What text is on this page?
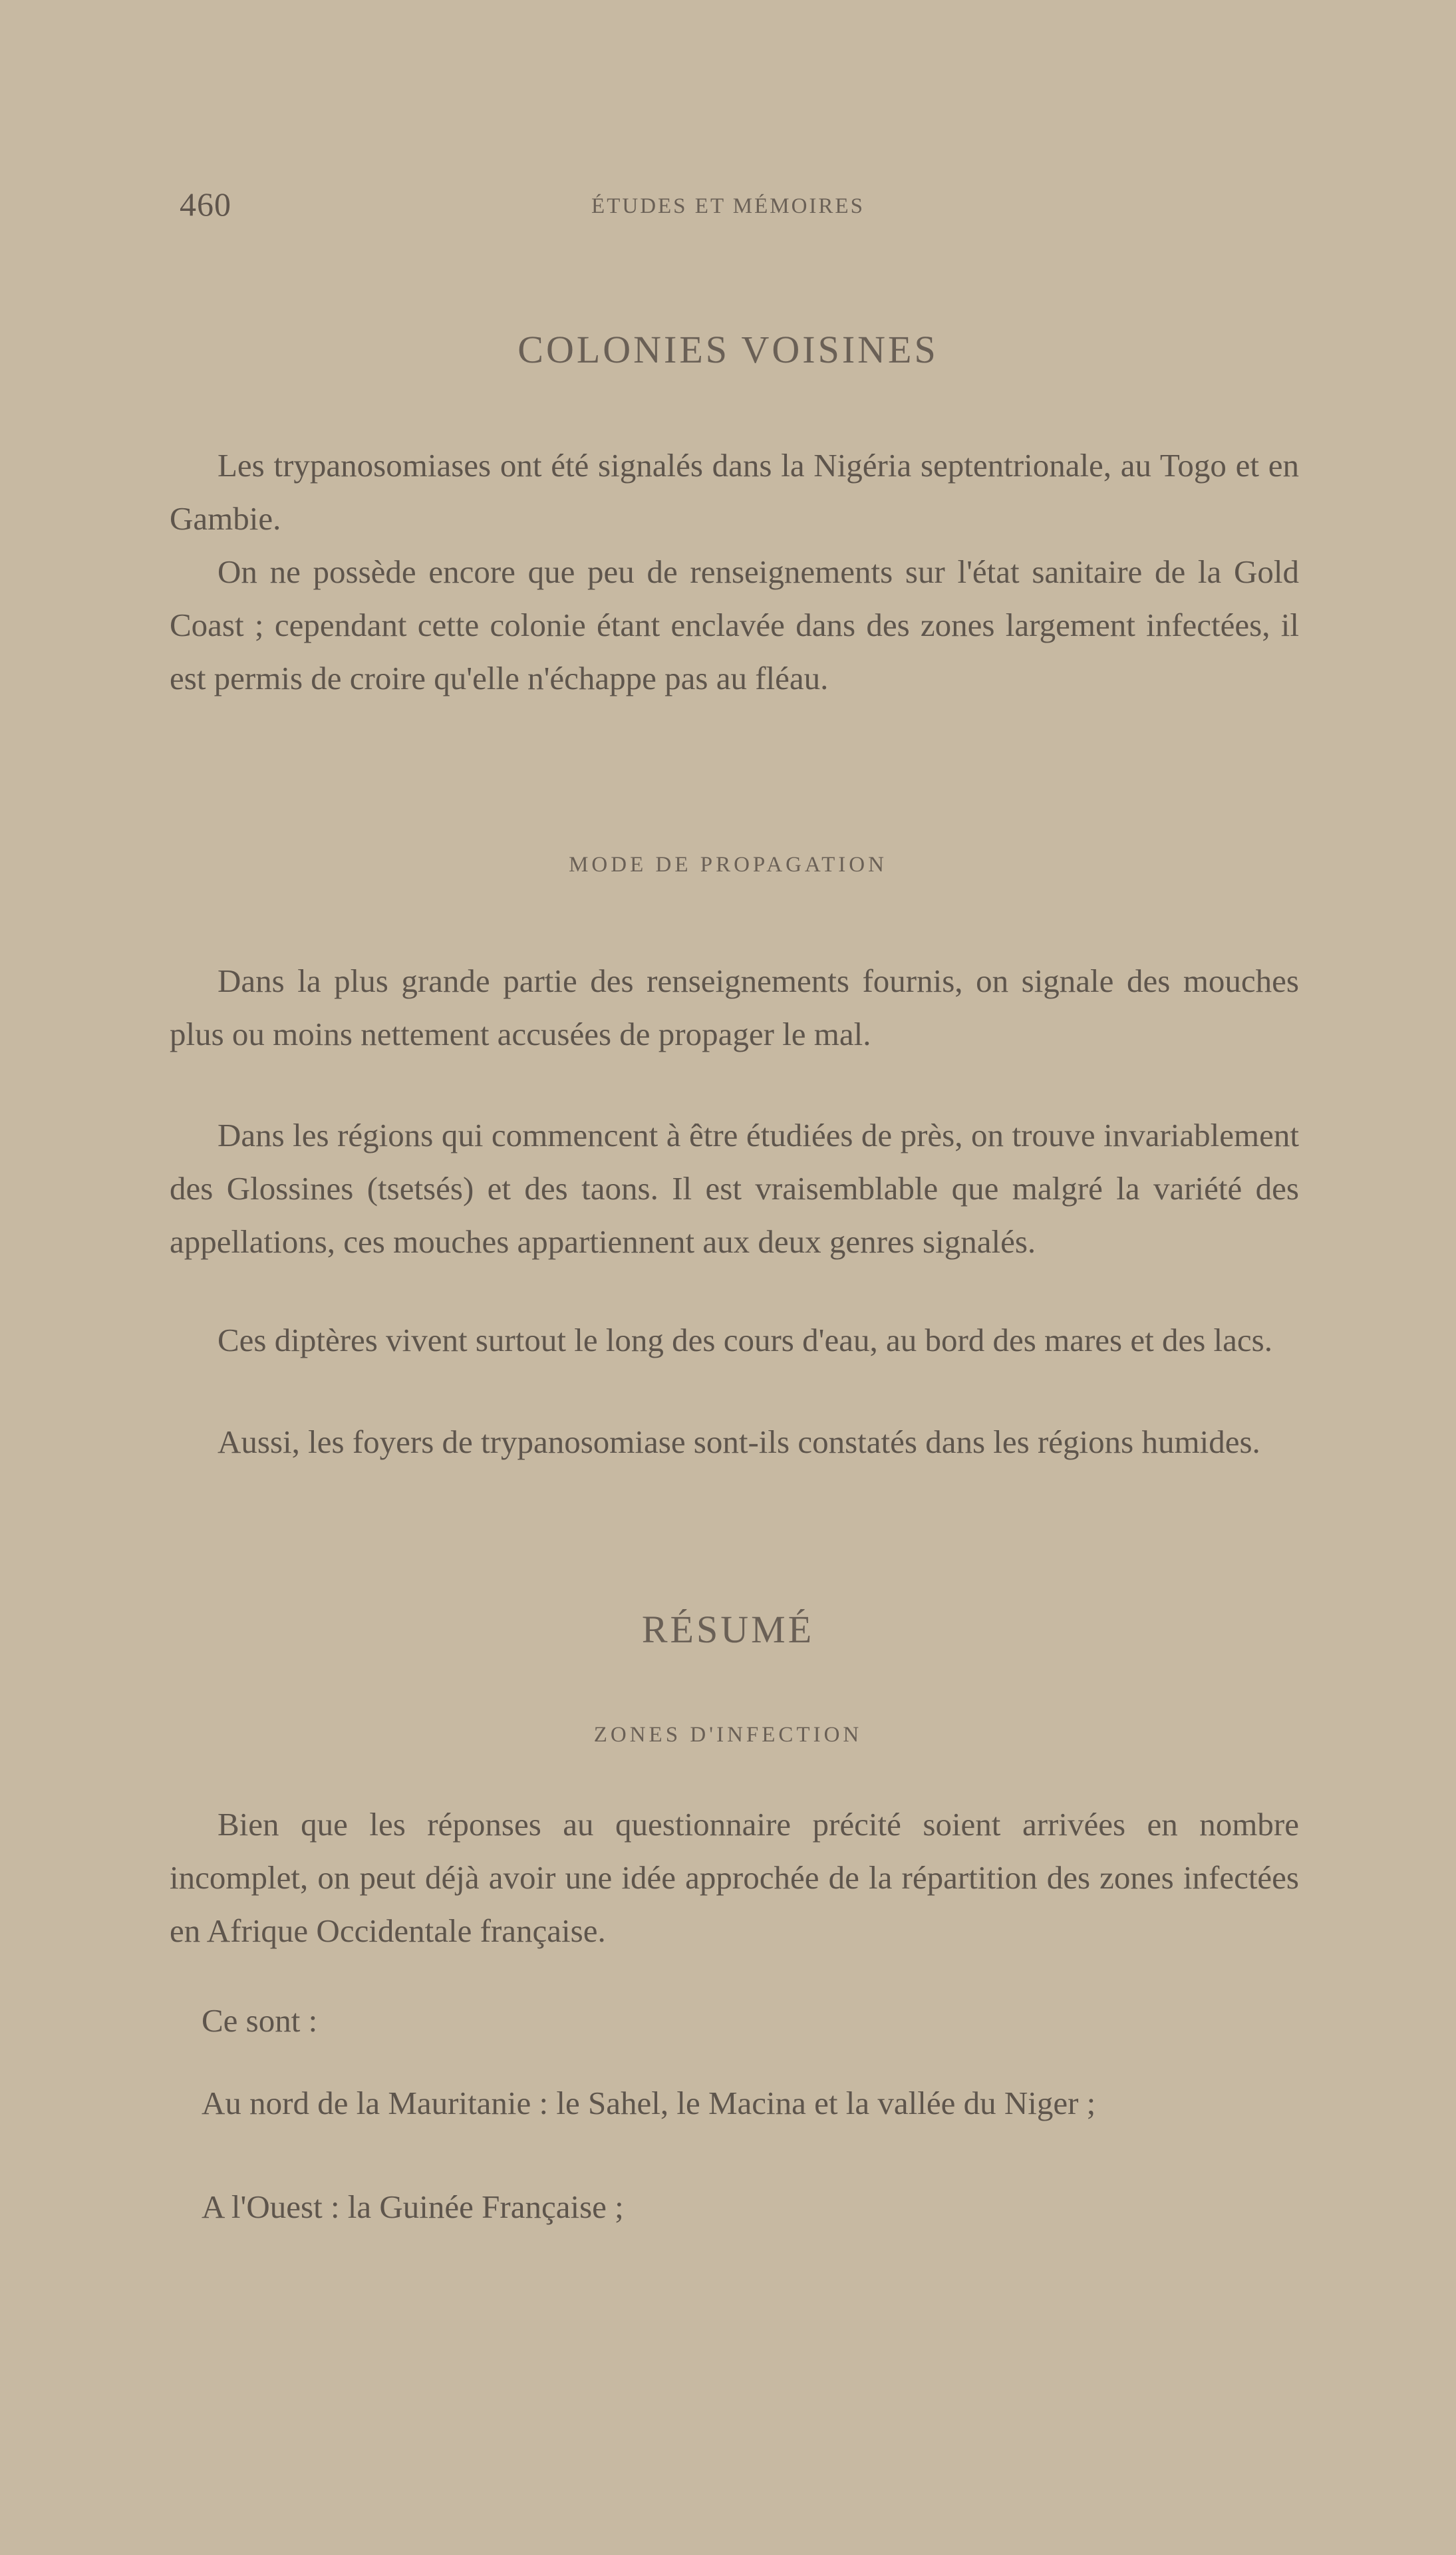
460	ÉTUDES ET MÉMOIRES
COLONIES VOISINES

Les trypanosomiases ont été signalés dans la Nigéria septentrionale, au Togo et en Gambie.

On ne possède encore que peu de renseignements sur l'état sanitaire de la Gold Coast ; cependant cette colonie étant enclavée dans des zones largement infectées, il est permis de croire qu'elle n'échappe pas au fléau.

MODE DE PROPAGATION

Dans la plus grande partie des renseignements fournis, on signale des mouches plus ou moins nettement accusées de propager le mal.

Dans les régions qui commencent à être étudiées de près, on trouve invariablement des Glossines (tsetsés) et des taons. Il est vraisemblable que malgré la variété des appellations, ces mouches appartiennent aux deux genres signalés.

Ces diptères vivent surtout le long des cours d'eau, au bord des mares et des lacs.

Aussi, les foyers de trypanosomiase sont-ils constatés dans les régions humides.

RÉSUMÉ
ZONES D'INFECTION

Bien que les réponses au questionnaire précité soient arrivées en nombre incomplet, on peut déjà avoir une idée approchée de la répartition des zones infectées en Afrique Occidentale française.

Ce sont :

Au nord de la Mauritanie : le Sahel, le Macina et la vallée du Niger ;

A l'Ouest : la Guinée Française ;
